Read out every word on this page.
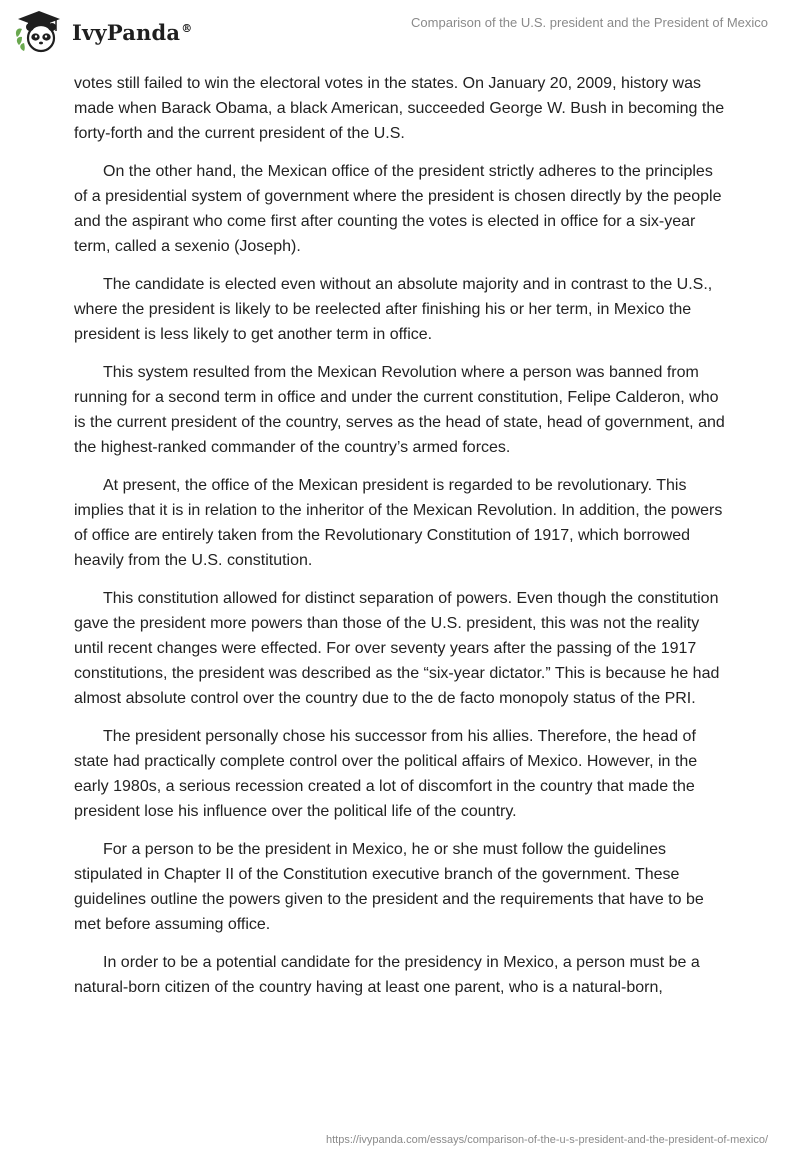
IvyPanda®	Comparison of the U.S. president and the President of Mexico

votes still failed to win the electoral votes in the states. On January 20, 2009, history was made when Barack Obama, a black American, succeeded George W. Bush in becoming the forty-forth and the current president of the U.S.

On the other hand, the Mexican office of the president strictly adheres to the principles of a presidential system of government where the president is chosen directly by the people and the aspirant who come first after counting the votes is elected in office for a six-year term, called a sexenio (Joseph).

The candidate is elected even without an absolute majority and in contrast to the U.S., where the president is likely to be reelected after finishing his or her term, in Mexico the president is less likely to get another term in office.

This system resulted from the Mexican Revolution where a person was banned from running for a second term in office and under the current constitution, Felipe Calderon, who is the current president of the country, serves as the head of state, head of government, and the highest-ranked commander of the country’s armed forces.

At present, the office of the Mexican president is regarded to be revolutionary. This implies that it is in relation to the inheritor of the Mexican Revolution. In addition, the powers of office are entirely taken from the Revolutionary Constitution of 1917, which borrowed heavily from the U.S. constitution.

This constitution allowed for distinct separation of powers. Even though the constitution gave the president more powers than those of the U.S. president, this was not the reality until recent changes were effected. For over seventy years after the passing of the 1917 constitutions, the president was described as the “six-year dictator.” This is because he had almost absolute control over the country due to the de facto monopoly status of the PRI.

The president personally chose his successor from his allies. Therefore, the head of state had practically complete control over the political affairs of Mexico. However, in the early 1980s, a serious recession created a lot of discomfort in the country that made the president lose his influence over the political life of the country.

For a person to be the president in Mexico, he or she must follow the guidelines stipulated in Chapter II of the Constitution executive branch of the government. These guidelines outline the powers given to the president and the requirements that have to be met before assuming office.

In order to be a potential candidate for the presidency in Mexico, a person must be a natural-born citizen of the country having at least one parent, who is a natural-born,

https://ivypanda.com/essays/comparison-of-the-u-s-president-and-the-president-of-mexico/
